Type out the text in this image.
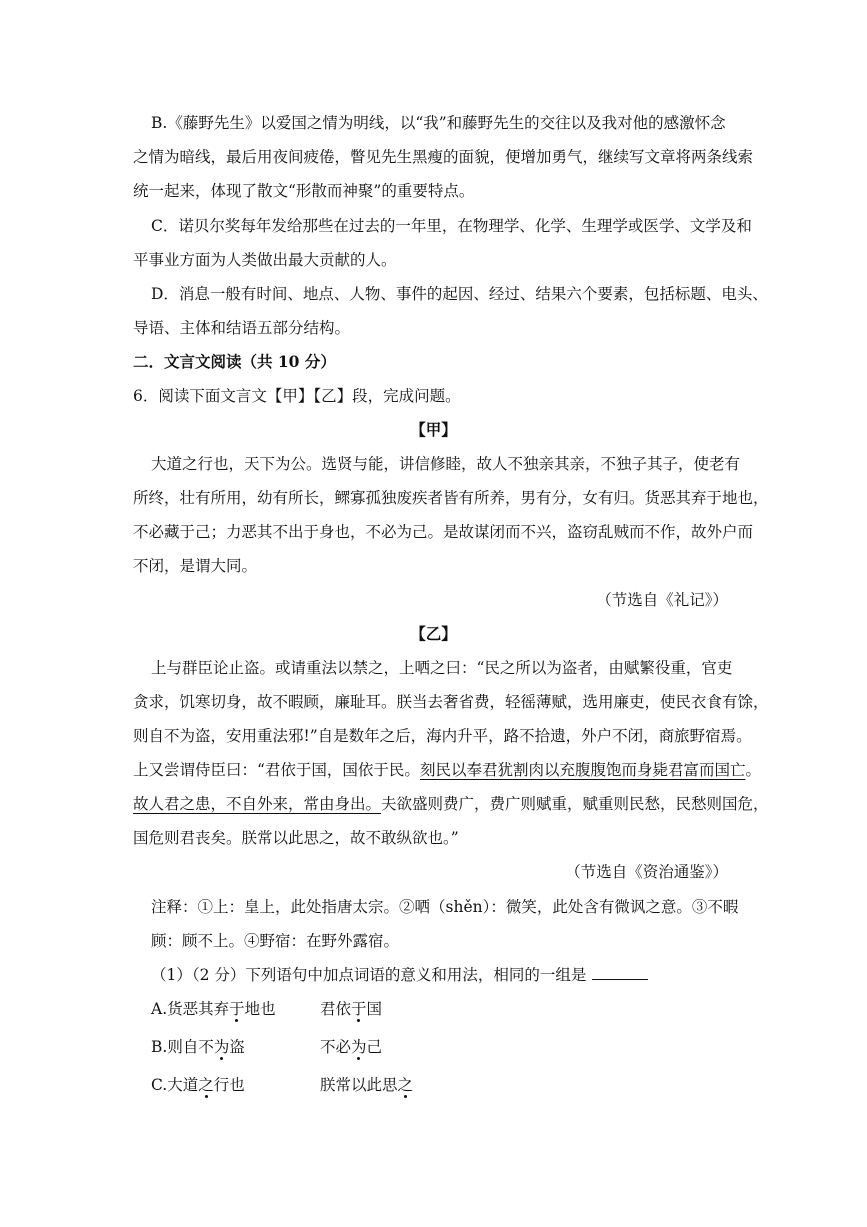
B.《藤野先生》以爱国之情为明线，以“我”和藤野先生的交往以及我对他的感激怀念
之情为暗线，最后用夜间疲倦，瞥见先生黑瘦的面貌，便增加勇气，继续写文章将两条线索
统一起来，体现了散文“形散而神聚”的重要特点。
C．诺贝尔奖每年发给那些在过去的一年里，在物理学、化学、生理学或医学、文学及和
平事业方面为人类做出最大贡献的人。
D．消息一般有时间、地点、人物、事件的起因、经过、结果六个要素，包括标题、电头、
导语、主体和结语五部分结构。
二．文言文阅读（共 10 分）
6．阅读下面文言文【甲】【乙】段，完成问题。
【甲】
大道之行也，天下为公。选贤与能，讲信修睦，故人不独亲其亲，不独子其子，使老有
所终，壮有所用，幼有所长，鳏寡孤独废疾者皆有所养，男有分，女有归。货恶其弃于地也，
不必藏于己；力恶其不出于身也，不必为己。是故谋闭而不兴，盗窃乱贼而不作，故外户而
不闭，是谓大同。
（节选自《礼记》）
【乙】
上与群臣论止盗。或请重法以禁之，上哂之曰：“民之所以为盗者，由赋繁役重，官吏
贪求，饥寒切身，故不暇顾，廉耻耳。朕当去奢省费，轻徭薄赋，选用廉吏，使民衣食有馀，
则自不为盗，安用重法邪!”自是数年之后，海内升平，路不拾遗，外户不闭，商旅野宿焉。
上又尝谓侍臣曰：“君依于国，国依于民。刻民以奉君犹割肉以充腹腹饱而身毙君富而国亡。
故人君之患，不自外来，常由身出。夫欲盛则费广，费广则赋重，赋重则民愁，民愁则国危，
国危则君丧矣。朕常以此思之，故不敢纵欲也。”
（节选自《资治通鉴》）
注释：①上：皇上，此处指唐太宗。②哂（shěn）：微笑，此处含有微讽之意。③不暇
顾：顾不上。④野宿：在野外露宿。
（1）（2 分）下列语句中加点词语的意义和用法，相同的一组是
A.货恶其弃于地也	君依于国
B.则自不为盗	不必为己
C.大道之行也	朕常以此思之
